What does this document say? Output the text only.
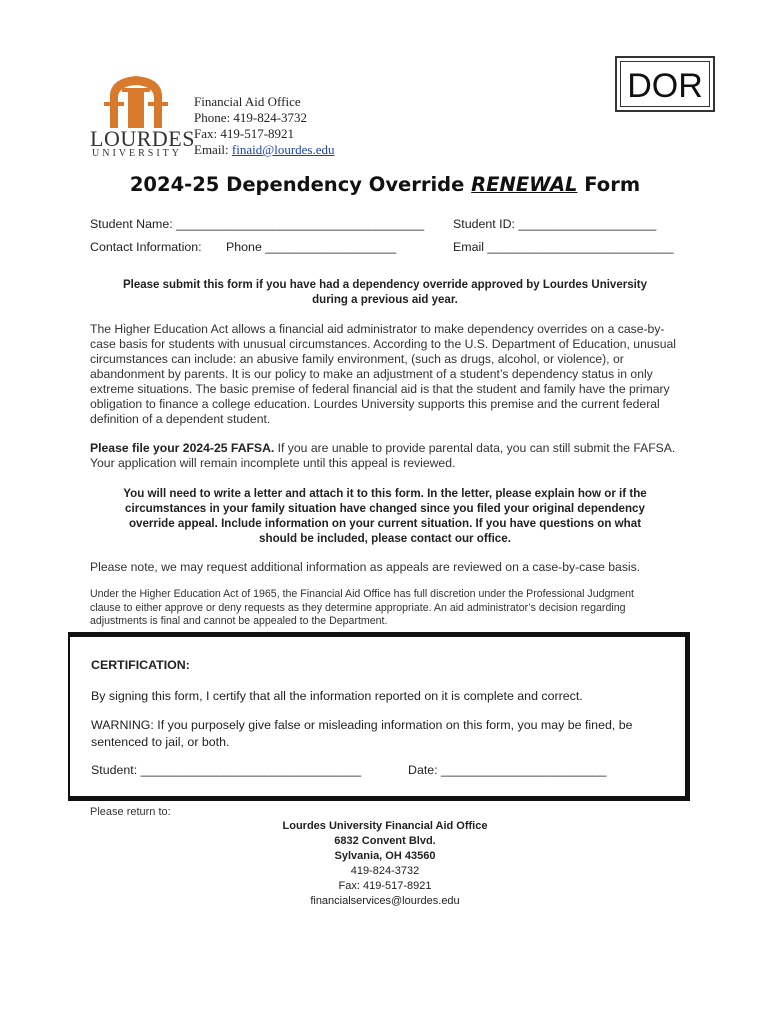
LOURDES
UNIVERSITY
Financial Aid Office
Phone: 419-824-3732
Fax: 419-517-8921
Email: finaid@lourdes.edu
DOR
2024-25 Dependency Override RENEWAL Form
Student Name: ____________________________________ Student ID: ____________________
Contact Information: Phone ___________________	Email ___________________________
Please submit this form if you have had a dependency override approved by Lourdes University
during a previous aid year.
The Higher Education Act allows a financial aid administrator to make dependency overrides on a case-by-case basis for students with unusual circumstances. According to the U.S. Department of Education, unusual circumstances can include: an abusive family environment, (such as drugs, alcohol, or violence), or abandonment by parents. It is our policy to make an adjustment of a student’s dependency status in only extreme situations. The basic premise of federal financial aid is that the student and family have the primary obligation to finance a college education. Lourdes University supports this premise and the current federal definition of a dependent student.
Please file your 2024-25 FAFSA. If you are unable to provide parental data, you can still submit the FAFSA. Your application will remain incomplete until this appeal is reviewed.
You will need to write a letter and attach it to this form. In the letter, please explain how or if the
circumstances in your family situation have changed since you filed your original dependency
override appeal. Include information on your current situation. If you have questions on what
should be included, please contact our office.
Please note, we may request additional information as appeals are reviewed on a case-by-case basis.
Under the Higher Education Act of 1965, the Financial Aid Office has full discretion under the Professional Judgment
clause to either approve or deny requests as they determine appropriate. An aid administrator’s decision regarding
adjustments is final and cannot be appealed to the Department.
CERTIFICATION:
By signing this form, I certify that all the information reported on it is complete and correct.
WARNING: If you purposely give false or misleading information on this form, you may be fined, be
sentenced to jail, or both.
Student: ________________________________	Date: ________________________
Please return to:
Lourdes University Financial Aid Office
6832 Convent Blvd.
Sylvania, OH 43560
419-824-3732
Fax: 419-517-8921
financialservices@lourdes.edu
